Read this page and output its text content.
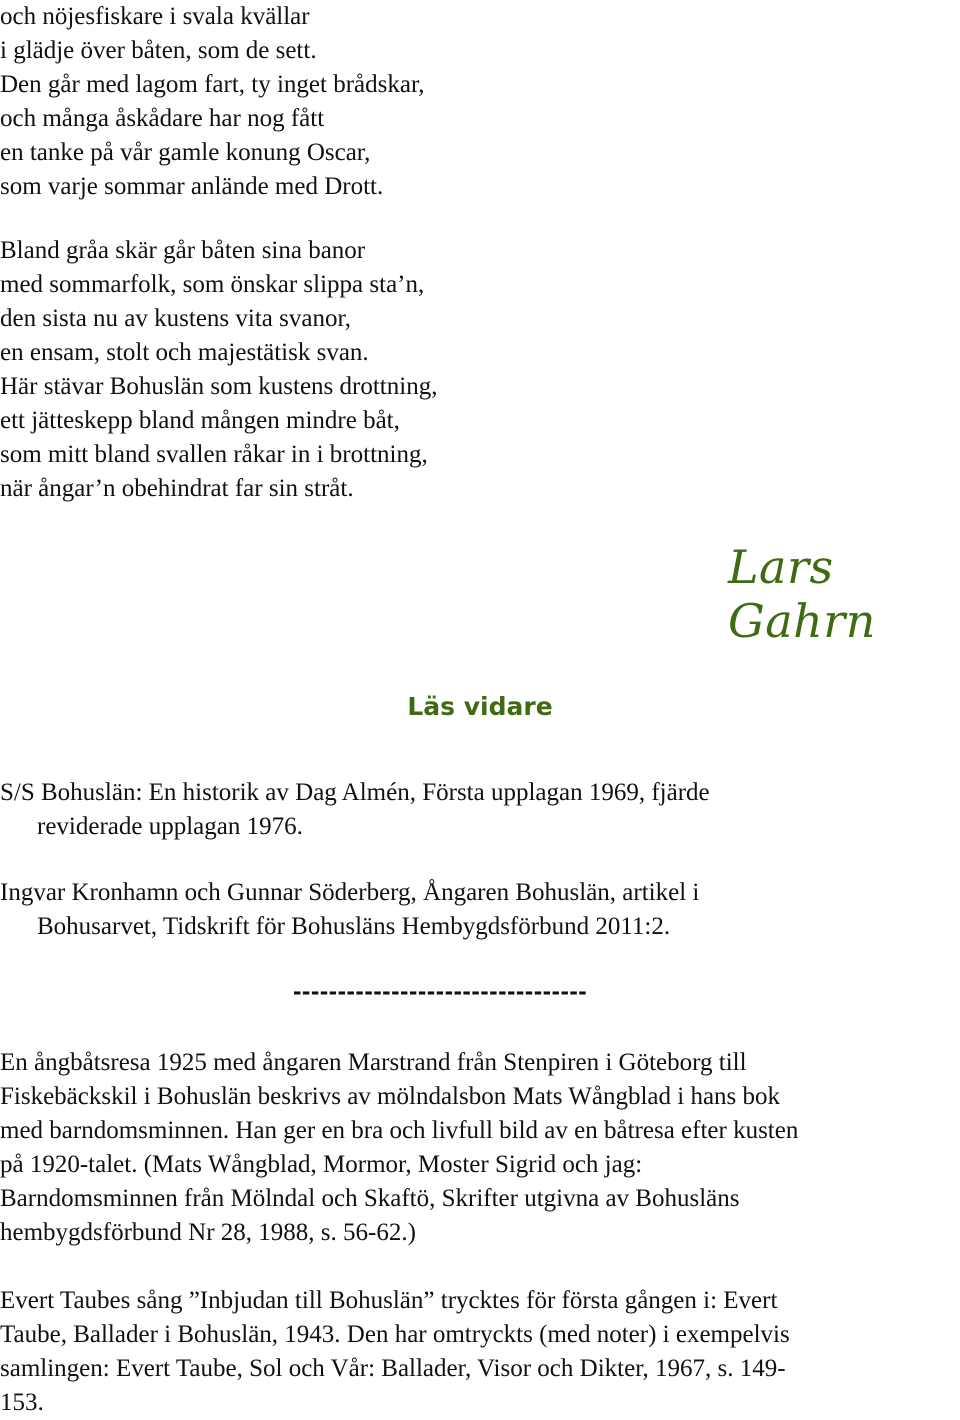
och nöjesfiskare i svala kvällar
i glädje över båten, som de sett.
Den går med lagom fart, ty inget brådskar,
och många åskådare har nog fått
en tanke på vår gamle konung Oscar,
som varje sommar anlände med Drott.
Bland gråa skär går båten sina banor
med sommarfolk, som önskar slippa sta’n,
den sista nu av kustens vita svanor,
en ensam, stolt och majestätisk svan.
Här stävar Bohuslän som kustens drottning,
ett jätteskepp bland mången mindre båt,
som mitt bland svallen råkar in i brottning,
när ångar’n obehindrat far sin stråt.
Lars Gahrn
Läs vidare
S/S Bohuslän: En historik av Dag Almén, Första upplagan 1969, fjärde
reviderade upplagan 1976.
Ingvar Kronhamn och Gunnar Söderberg, Ångaren Bohuslän, artikel i
Bohusarvet, Tidskrift för Bohusläns Hembygdsförbund 2011:2.
---------------------------------
En ångbåtsresa 1925 med ångaren Marstrand från Stenpiren i Göteborg till
Fiskebäckskil i Bohuslän beskrivs av mölndalsbon Mats Wångblad i hans bok
med barndomsminnen. Han ger en bra och livfull bild av en båtresa efter kusten
på 1920-talet. (Mats Wångblad, Mormor, Moster Sigrid och jag:
Barndomsminnen från Mölndal och Skaftö, Skrifter utgivna av Bohusläns
hembygdsförbund Nr 28, 1988, s. 56-62.)
Evert Taubes sång ”Inbjudan till Bohuslän” trycktes för första gången i: Evert
Taube, Ballader i Bohuslän, 1943. Den har omtryckts (med noter) i exempelvis
samlingen: Evert Taube, Sol och Vår: Ballader, Visor och Dikter, 1967, s. 149-
153.
